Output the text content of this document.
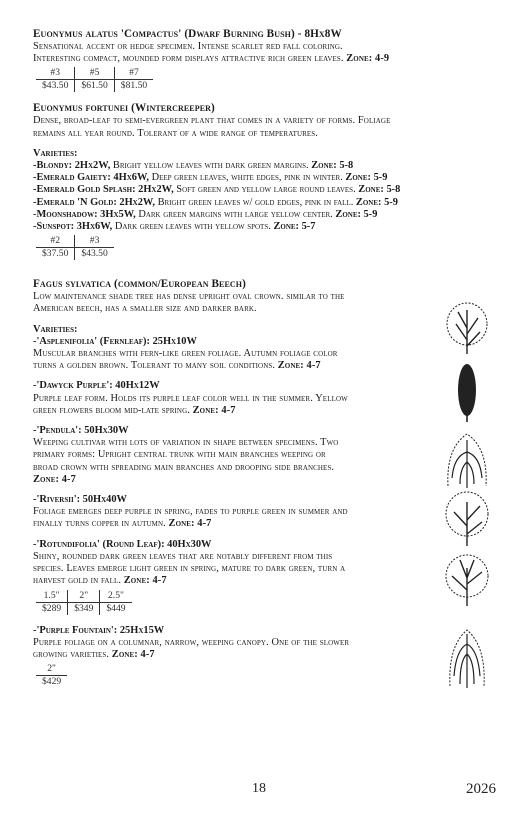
Euonymus alatus 'Compactus' (Dwarf Burning Bush) - 8Hx8W
Sensational accent or hedge specimen. Intense scarlet red fall coloring.
Interesting compact, mounded form displays attractive rich green leaves. Zone: 4-9
#3	#5	#7
$43.50	$61.50	$81.50
Euonymus fortunei (Wintercreeper)
Dense, broad-leaf to semi-evergreen plant that comes in a variety of forms. Foliage
remains all year round. Tolerant of a wide range of temperatures.
Varieties:
-Blondy: 2Hx2W, Bright yellow leaves with dark green margins. Zone: 5-8
-Emerald Gaiety: 4Hx6W, Deep green leaves, white edges, pink in winter. Zone: 5-9
-Emerald Gold Splash: 2Hx2W, Soft green and yellow large round leaves. Zone: 5-8
-Emerald 'N Gold: 2Hx2W, Bright green leaves w/ gold edges, pink in fall. Zone: 5-9
-Moonshadow: 3Hx5W, Dark green margins with large yellow center. Zone: 5-9
-Sunspot: 3Hx6W, Dark green leaves with yellow spots. Zone: 5-7
#2	#3
$37.50	$43.50
Fagus sylvatica (common/European Beech)
Low maintenance shade tree has dense upright oval crown. similar to the
American beech, has a smaller size and darker bark.
Varieties:
-'Asplenifolia' (Fernleaf): 25Hx10W
Muscular branches with fern-like green foliage. Autumn foliage color
turns a golden brown. Tolerant to many soil conditions. Zone: 4-7
-'Dawyck Purple': 40Hx12W
Purple leaf form. Holds its purple leaf color well in the summer. Yellow
green flowers bloom mid-late spring. Zone: 4-7
-'Pendula': 50Hx30W
Weeping cultivar with lots of variation in shape between specimens. Two
primary forms: Upright central trunk with main branches weeping or
broad crown with spreading main branches and drooping side branches.
Zone: 4-7
-'Riversii': 50Hx40W
Foliage emerges deep purple in spring, fades to purple green in summer and
finally turns copper in autumn. Zone: 4-7
-'Rotundifolia' (Round Leaf): 40Hx30W
Shiny, rounded dark green leaves that are notably different from this
species. Leaves emerge light green in spring, mature to dark green, turn a
harvest gold in fall. Zone: 4-7
1.5"	2"	2.5"
$289	$349	$449
-'Purple Fountain': 25Hx15W
Purple foliage on a columnar, narrow, weeping canopy. One of the slower
growing varieties. Zone: 4-7
2"
$429
18	2026
